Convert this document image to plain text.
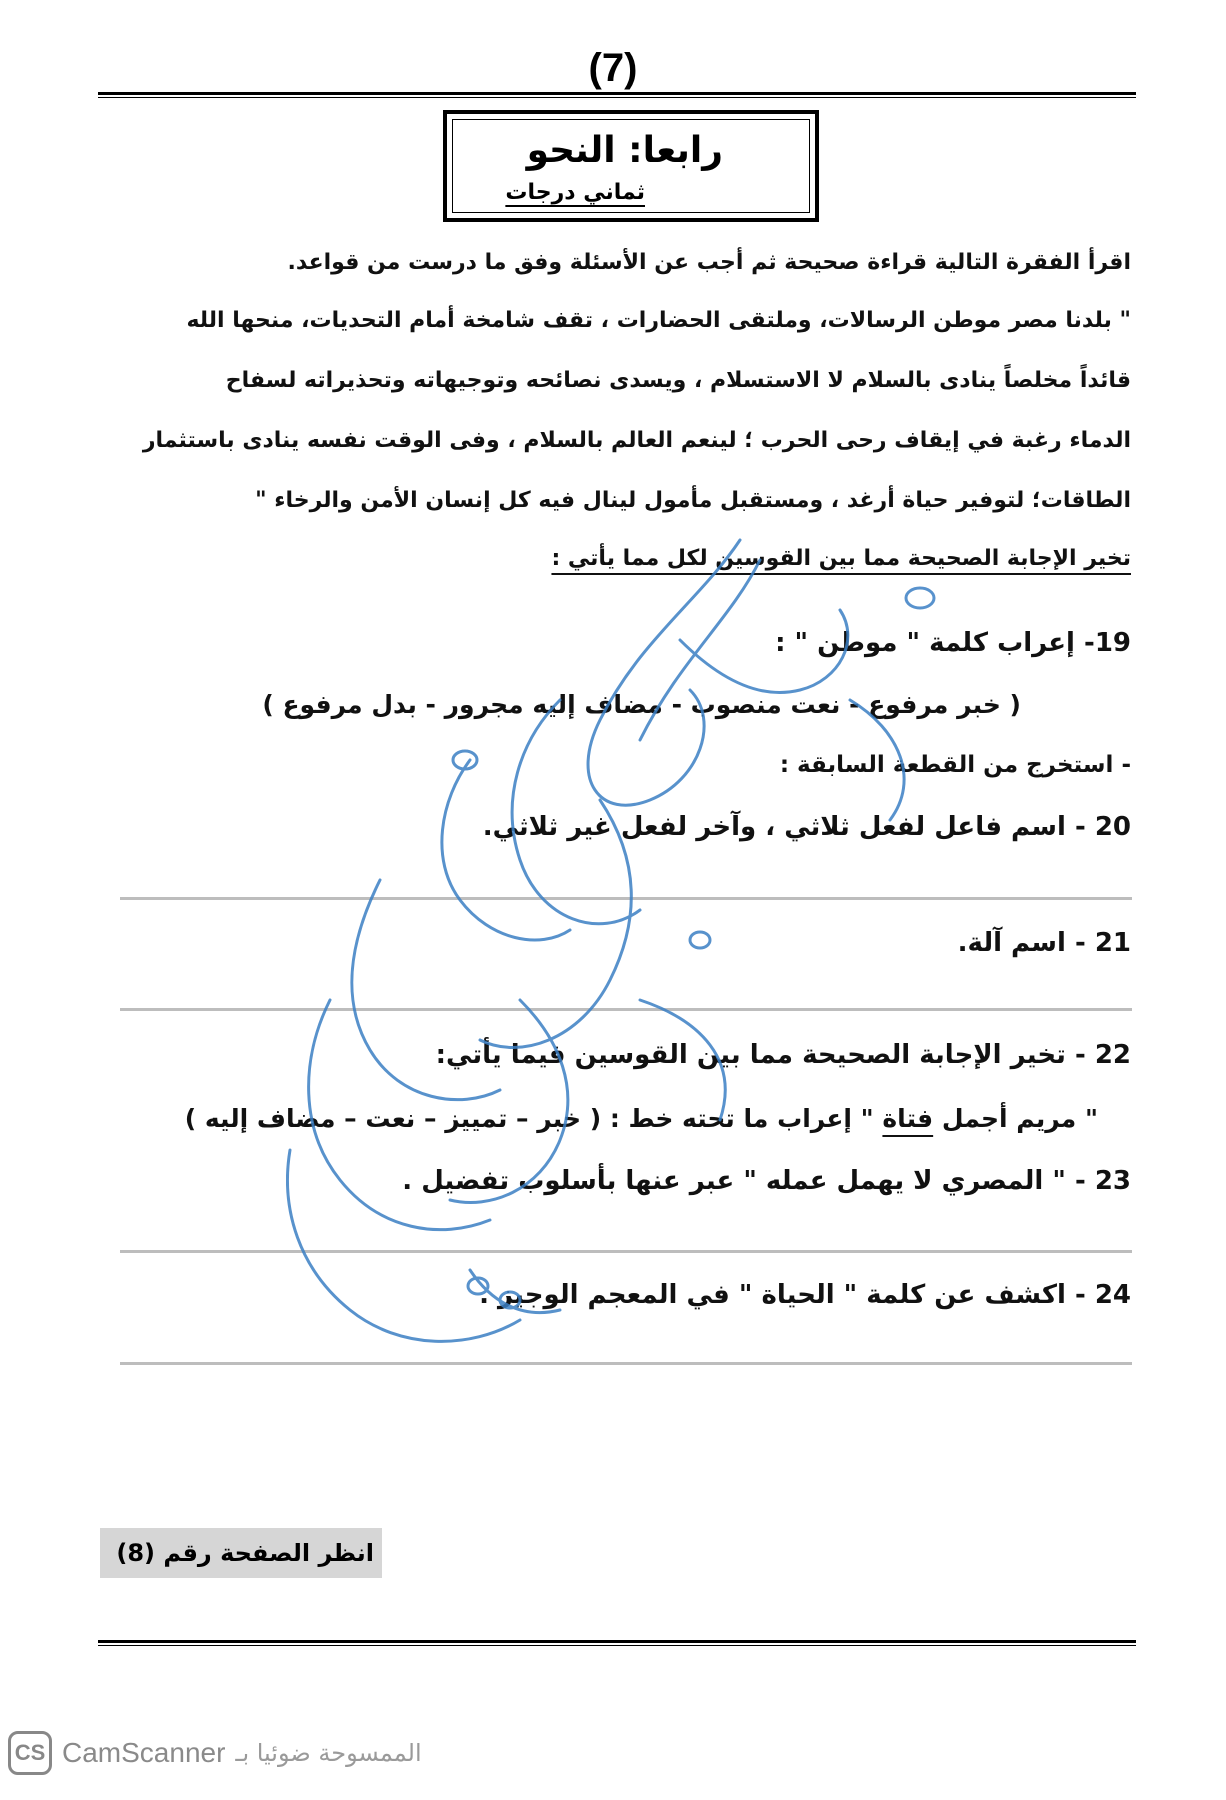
(7)
رابعا: النحو
ثماني درجات
اقرأ الفقرة التالية قراءة صحيحة ثم أجب عن الأسئلة وفق ما درست من قواعد.
" بلدنا مصر موطن الرسالات، وملتقى الحضارات ، تقف شامخة أمام التحديات، منحها الله
قائداً مخلصاً ينادى بالسلام لا الاستسلام ، ويسدى نصائحه وتوجيهاته وتحذيراته لسفاح
الدماء رغبة في إيقاف رحى الحرب ؛ لينعم العالم بالسلام ، وفى الوقت نفسه ينادى باستثمار
الطاقات؛ لتوفير حياة أرغد ، ومستقبل مأمول لينال فيه كل إنسان الأمن والرخاء "
تخير الإجابة الصحيحة مما بين القوسين لكل مما يأتي :
19- إعراب كلمة " موطن " :
( خبر مرفوع - نعت منصوب - مضاف إليه مجرور - بدل مرفوع )
- استخرج من القطعة السابقة :
20 - اسم فاعل لفعل ثلاثي ، وآخر لفعل غير ثلاثي.
21 - اسم آلة.
22 - تخير الإجابة الصحيحة مما بين القوسين فيما يأتي:
" مريم أجمل فتاة " إعراب ما تحته خط : ( خبر – تمييز – نعت – مضاف إليه )
23 - " المصري لا يهمل عمله " عبر عنها بأسلوب تفضيل .
24 - اكشف عن كلمة " الحياة " في المعجم الوجيز .
انظر الصفحة رقم (8)
CS CamScanner الممسوحة ضوئيا بـ
